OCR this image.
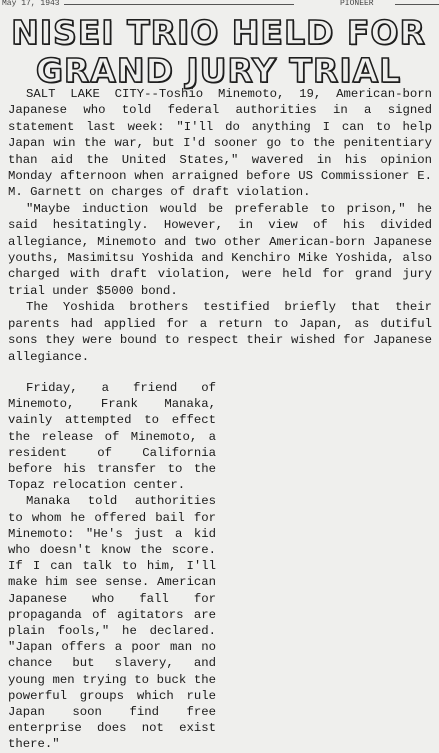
May 17, 1943	PIONEER
NISEI TRIO HELD FOR
GRAND JURY TRIAL

SALT LAKE CITY--Toshio Minemoto, 19, American-born Japanese who told federal authorities in a signed statement last week: "I'll do anything I can to help Japan win the war, but I'd sooner go to the penitentiary than aid the United States," wavered in his opinion Monday afternoon when arraigned before US Commissioner E. M. Garnett on charges of draft violation.

"Maybe induction would be preferable to prison," he said hesitatingly. However, in view of his divided allegiance, Minemoto and two other American-born Japanese youths, Masimitsu Yoshida and Kenchiro Mike Yoshida, also charged with draft violation, were held for grand jury trial under $5000 bond.

The Yoshida brothers testified briefly that their parents had applied for a return to Japan, as dutiful sons they were bound to respect their wished for Japanese allegiance.

Friday, a friend of Minemoto, Frank Manaka, vainly attempted to effect the release of Minemoto, a resident of California before his transfer to the Topaz relocation center.

Manaka told authorities to whom he offered bail for Minemoto: "He's just a kid who doesn't know the score. If I can talk to him, I'll make him see sense. American Japanese who fall for propaganda of agitators are plain fools," he declared. "Japan offers a poor man no chance but slavery, and young men trying to buck the powerful groups which rule Japan soon find free enterprise does not exist there."
